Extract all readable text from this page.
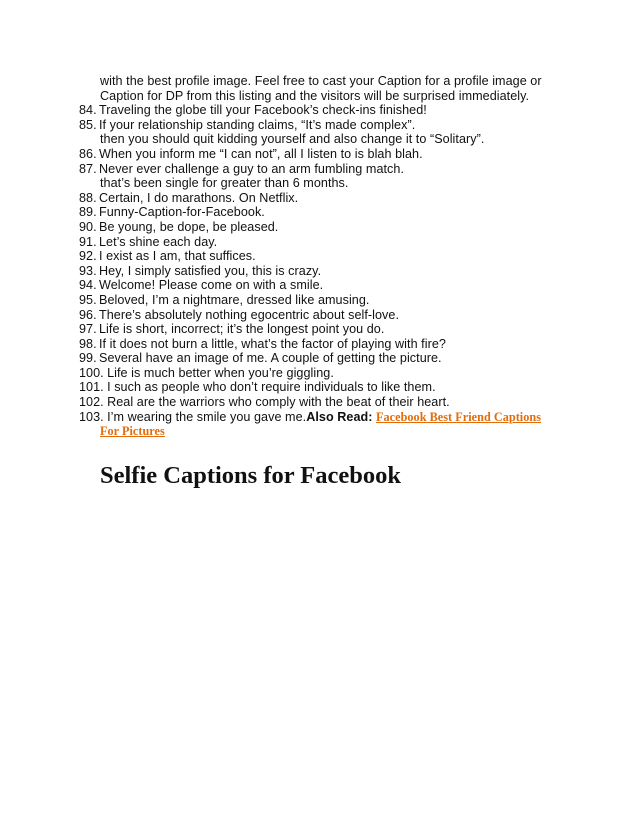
with the best profile image. Feel free to cast your Caption for a profile image or
Caption for DP from this listing and the visitors will be surprised immediately.
84. Traveling the globe till your Facebook’s check-ins finished!
85. If your relationship standing claims, “It’s made complex”.
then you should quit kidding yourself and also change it to “Solitary”.
86. When you inform me “I can not”, all I listen to is blah blah.
87. Never ever challenge a guy to an arm fumbling match.
that’s been single for greater than 6 months.
88. Certain, I do marathons. On Netflix.
89. Funny-Caption-for-Facebook.
90. Be young, be dope, be pleased.
91. Let’s shine each day.
92. I exist as I am, that suffices.
93. Hey, I simply satisfied you, this is crazy.
94. Welcome! Please come on with a smile.
95. Beloved, I’m a nightmare, dressed like amusing.
96. There’s absolutely nothing egocentric about self-love.
97. Life is short, incorrect; it’s the longest point you do.
98. If it does not burn a little, what’s the factor of playing with fire?
99. Several have an image of me. A couple of getting the picture.
100. Life is much better when you’re giggling.
101. I such as people who don’t require individuals to like them.
102. Real are the warriors who comply with the beat of their heart.
103. I’m wearing the smile you gave me.Also Read: Facebook Best Friend Captions
For Pictures
Selfie Captions for Facebook
